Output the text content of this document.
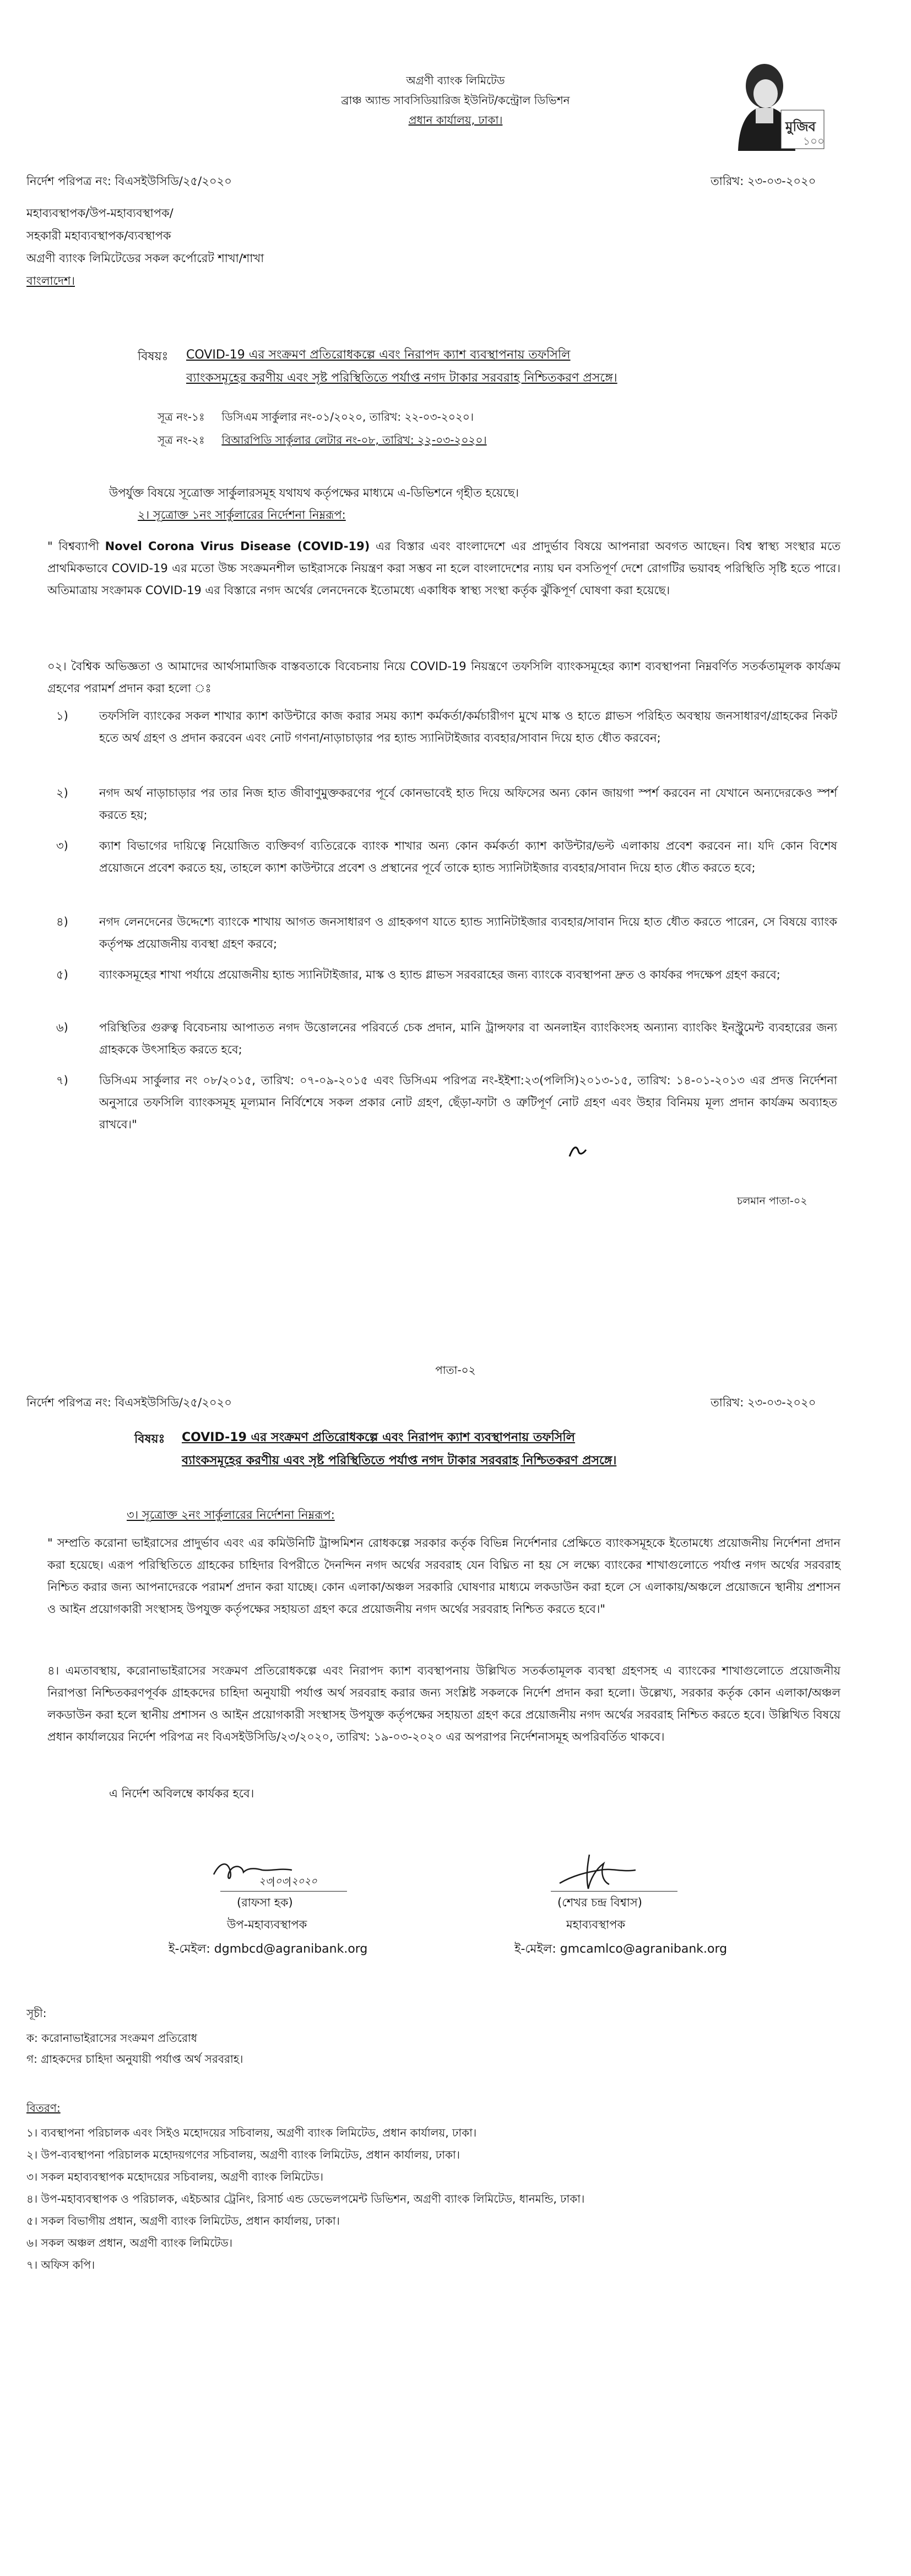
অগ্রণী ব্যাংক লিমিটেড
ব্রাঞ্চ অ্যান্ড সাবসিডিয়ারিজ ইউনিট/কন্ট্রোল ডিভিশন
প্রধান কার্যালয়, ঢাকা।	মুজিব
১০০
নির্দেশ পরিপত্র নং: বিএসইউসিডি/২৫/২০২০	তারিখ: ২৩-০৩-২০২০
মহাব্যবস্থাপক/উপ-মহাব্যবস্থাপক/
সহকারী মহাব্যবস্থাপক/ব্যবস্থাপক
অগ্রণী ব্যাংক লিমিটেডের সকল কর্পোরেট শাখা/শাখা
বাংলাদেশ।
বিষয়ঃ COVID-19 এর সংক্রমণ প্রতিরোধকল্পে এবং নিরাপদ ক্যাশ ব্যবস্থাপনায় তফসিলি
ব্যাংকসমূহের করণীয় এবং সৃষ্ট পরিস্থিতিতে পর্যাপ্ত নগদ টাকার সরবরাহ নিশ্চিতকরণ প্রসঙ্গে।
সূত্র নং-১ঃ ডিসিএম সার্কুলার নং-০১/২০২০, তারিখ: ২২-০৩-২০২০।
সূত্র নং-২ঃ বিআরপিডি সার্কুলার লেটার নং-০৮, তারিখ: ২২-০৩-২০২০।
উপর্যুক্ত বিষয়ে সূত্রোক্ত সার্কুলারসমূহ যথাযথ কর্তৃপক্ষের মাধ্যমে এ-ডিভিশনে গৃহীত হয়েছে।
২। সূত্রোক্ত ১নং সার্কুলারের নির্দেশনা নিম্নরূপ:
" বিশ্বব্যাপী Novel Corona Virus Disease (COVID-19) এর বিস্তার এবং বাংলাদেশে এর প্রাদুর্ভাব বিষয়ে আপনারা অবগত আছেন। বিশ্ব স্বাস্থ্য সংস্থার মতে প্রাথমিকভাবে COVID-19 এর মতো উচ্চ সংক্রমনশীল ভাইরাসকে নিয়ন্ত্রণ করা সম্ভব না হলে বাংলাদেশের ন্যায় ঘন বসতিপূর্ণ দেশে রোগটির ভয়াবহ পরিস্থিতি সৃষ্টি হতে পারে। অতিমাত্রায় সংক্রামক COVID-19 এর বিস্তারে নগদ অর্থের লেনদেনকে ইতোমধ্যে একাধিক স্বাস্থ্য সংস্থা কর্তৃক ঝুঁকিপূর্ণ ঘোষণা করা হয়েছে।
০২। বৈশ্বিক অভিজ্ঞতা ও আমাদের আর্থসামাজিক বাস্তবতাকে বিবেচনায় নিয়ে COVID-19 নিয়ন্ত্রণে তফসিলি ব্যাংকসমূহের ক্যাশ ব্যবস্থাপনা নিম্নবর্ণিত সতর্কতামূলক কার্যক্রম গ্রহণের পরামর্শ প্রদান করা হলো ঃ
১)	তফসিলি ব্যাংকের সকল শাখার ক্যাশ কাউন্টারে কাজ করার সময় ক্যাশ কর্মকর্তা/কর্মচারীগণ মুখে মাস্ক ও হাতে গ্লাভস পরিহিত অবস্থায় জনসাধারণ/গ্রাহকের নিকট হতে অর্থ গ্রহণ ও প্রদান করবেন এবং নোট গণনা/নাড়াচাড়ার পর হ্যান্ড স্যানিটাইজার ব্যবহার/সাবান দিয়ে হাত ধৌত করবেন;
২)	নগদ অর্থ নাড়াচাড়ার পর তার নিজ হাত জীবাণুমুক্তকরণের পূর্বে কোনভাবেই হাত দিয়ে অফিসের অন্য কোন জায়গা স্পর্শ করবেন না যেখানে অন্যদেরকেও স্পর্শ করতে হয়;
৩)	ক্যাশ বিভাগের দায়িত্বে নিয়োজিত ব্যক্তিবর্গ ব্যতিরেকে ব্যাংক শাখার অন্য কোন কর্মকর্তা ক্যাশ কাউন্টার/ভল্ট এলাকায় প্রবেশ করবেন না। যদি কোন বিশেষ প্রয়োজনে প্রবেশ করতে হয়, তাহলে ক্যাশ কাউন্টারে প্রবেশ ও প্রস্থানের পূর্বে তাকে হ্যান্ড স্যানিটাইজার ব্যবহার/সাবান দিয়ে হাত ধৌত করতে হবে;
৪)	নগদ লেনদেনের উদ্দেশ্যে ব্যাংকে শাখায় আগত জনসাধারণ ও গ্রাহকগণ যাতে হ্যান্ড স্যানিটাইজার ব্যবহার/সাবান দিয়ে হাত ধৌত করতে পারেন, সে বিষয়ে ব্যাংক কর্তৃপক্ষ প্রয়োজনীয় ব্যবস্থা গ্রহণ করবে;
৫)	ব্যাংকসমূহের শাখা পর্যায়ে প্রয়োজনীয় হ্যান্ড স্যানিটাইজার, মাস্ক ও হ্যান্ড গ্লাভস সরবরাহের জন্য ব্যাংকে ব্যবস্থাপনা দ্রুত ও কার্যকর পদক্ষেপ গ্রহণ করবে;
৬)	পরিস্থিতির গুরুত্ব বিবেচনায় আপাতত নগদ উত্তোলনের পরিবর্তে চেক প্রদান, মানি ট্রান্সফার বা অনলাইন ব্যাংকিংসহ অন্যান্য ব্যাংকিং ইনস্ট্রুমেন্ট ব্যবহারের জন্য গ্রাহককে উৎসাহিত করতে হবে;
৭)	ডিসিএম সার্কুলার নং ০৮/২০১৫, তারিখ: ০৭-০৯-২০১৫ এবং ডিসিএম পরিপত্র নং-ইইশা:২৩(পলিসি)২০১৩-১৫, তারিখ: ১৪-০১-২০১৩ এর প্রদত্ত নির্দেশনা অনুসারে তফসিলি ব্যাংকসমূহ মূল্যমান নির্বিশেষে সকল প্রকার নোট গ্রহণ, ছেঁড়া-ফাটা ও ত্রুটিপূর্ণ নোট গ্রহণ এবং উহার বিনিময় মূল্য প্রদান কার্যক্রম অব্যাহত রাখবে।"
চলমান পাতা-০২
পাতা-০২
নির্দেশ পরিপত্র নং: বিএসইউসিডি/২৫/২০২০	তারিখ: ২৩-০৩-২০২০
বিষয়ঃ COVID-19 এর সংক্রমণ প্রতিরোধকল্পে এবং নিরাপদ ক্যাশ ব্যবস্থাপনায় তফসিলি
ব্যাংকসমূহের করণীয় এবং সৃষ্ট পরিস্থিতিতে পর্যাপ্ত নগদ টাকার সরবরাহ নিশ্চিতকরণ প্রসঙ্গে।
৩। সূত্রোক্ত ২নং সার্কুলারের নির্দেশনা নিম্নরূপ:
" সম্প্রতি করোনা ভাইরাসের প্রাদুর্ভাব এবং এর কমিউনিটি ট্রান্সমিশন রোধকল্পে সরকার কর্তৃক বিভিন্ন নির্দেশনার প্রেক্ষিতে ব্যাংকসমূহকে ইতোমধ্যে প্রয়োজনীয় নির্দেশনা প্রদান করা হয়েছে। এরূপ পরিস্থিতিতে গ্রাহকের চাহিদার বিপরীতে দৈনন্দিন নগদ অর্থের সরবরাহ যেন বিঘ্নিত না হয় সে লক্ষ্যে ব্যাংকের শাখাগুলোতে পর্যাপ্ত নগদ অর্থের সরবরাহ নিশ্চিত করার জন্য আপনাদেরকে পরামর্শ প্রদান করা যাচ্ছে। কোন এলাকা/অঞ্চল সরকারি ঘোষণার মাধ্যমে লকডাউন করা হলে সে এলাকায়/অঞ্চলে প্রয়োজনে স্থানীয় প্রশাসন ও আইন প্রয়োগকারী সংস্থাসহ উপযুক্ত কর্তৃপক্ষের সহায়তা গ্রহণ করে প্রয়োজনীয় নগদ অর্থের সরবরাহ নিশ্চিত করতে হবে।"
৪। এমতাবস্থায়, করোনাভাইরাসের সংক্রমণ প্রতিরোধকল্পে এবং নিরাপদ ক্যাশ ব্যবস্থাপনায় উল্লিখিত সতর্কতামূলক ব্যবস্থা গ্রহণসহ এ ব্যাংকের শাখাগুলোতে প্রয়োজনীয় নিরাপত্তা নিশ্চিতকরণপূর্বক গ্রাহকদের চাহিদা অনুযায়ী পর্যাপ্ত অর্থ সরবরাহ করার জন্য সংশ্লিষ্ট সকলকে নির্দেশ প্রদান করা হলো। উল্লেখ্য, সরকার কর্তৃক কোন এলাকা/অঞ্চল লকডাউন করা হলে স্থানীয় প্রশাসন ও আইন প্রয়োগকারী সংস্থাসহ উপযুক্ত কর্তৃপক্ষের সহায়তা গ্রহণ করে প্রয়োজনীয় নগদ অর্থের সরবরাহ নিশ্চিত করতে হবে। উল্লিখিত বিষয়ে প্রধান কার্যালয়ের নির্দেশ পরিপত্র নং বিএসইউসিডি/২৩/২০২০, তারিখ: ১৯-০৩-২০২০ এর অপরাপর নির্দেশনাসমূহ অপরিবর্তিত থাকবে।
এ নির্দেশ অবিলম্বে কার্যকর হবে।
২৩|০৩|২০২০
(রাফসা হক)
উপ-মহাব্যবস্থাপক
ই-মেইল: dgmbcd@agranibank.org
(শেখর চন্দ্র বিশ্বাস)
মহাব্যবস্থাপক
ই-মেইল: gmcamlco@agranibank.org
সূচী:
ক: করোনাভাইরাসের সংক্রমণ প্রতিরোধ
গ: গ্রাহকদের চাহিদা অনুযায়ী পর্যাপ্ত অর্থ সরবরাহ।
বিতরণ:
১। ব্যবস্থাপনা পরিচালক এবং সিইও মহোদয়ের সচিবালয়, অগ্রণী ব্যাংক লিমিটেড, প্রধান কার্যালয়, ঢাকা।
২। উপ-ব্যবস্থাপনা পরিচালক মহোদয়গণের সচিবালয়, অগ্রণী ব্যাংক লিমিটেড, প্রধান কার্যালয়, ঢাকা।
৩। সকল মহাব্যবস্থাপক মহোদয়ের সচিবালয়, অগ্রণী ব্যাংক লিমিটেড।
৪। উপ-মহাব্যবস্থাপক ও পরিচালক, এইচআর ট্রেনিং, রিসার্চ এন্ড ডেভেলপমেন্ট ডিভিশন, অগ্রণী ব্যাংক লিমিটেড, ধানমন্ডি, ঢাকা।
৫। সকল বিভাগীয় প্রধান, অগ্রণী ব্যাংক লিমিটেড, প্রধান কার্যালয়, ঢাকা।
৬। সকল অঞ্চল প্রধান, অগ্রণী ব্যাংক লিমিটেড।
৭। অফিস কপি।
